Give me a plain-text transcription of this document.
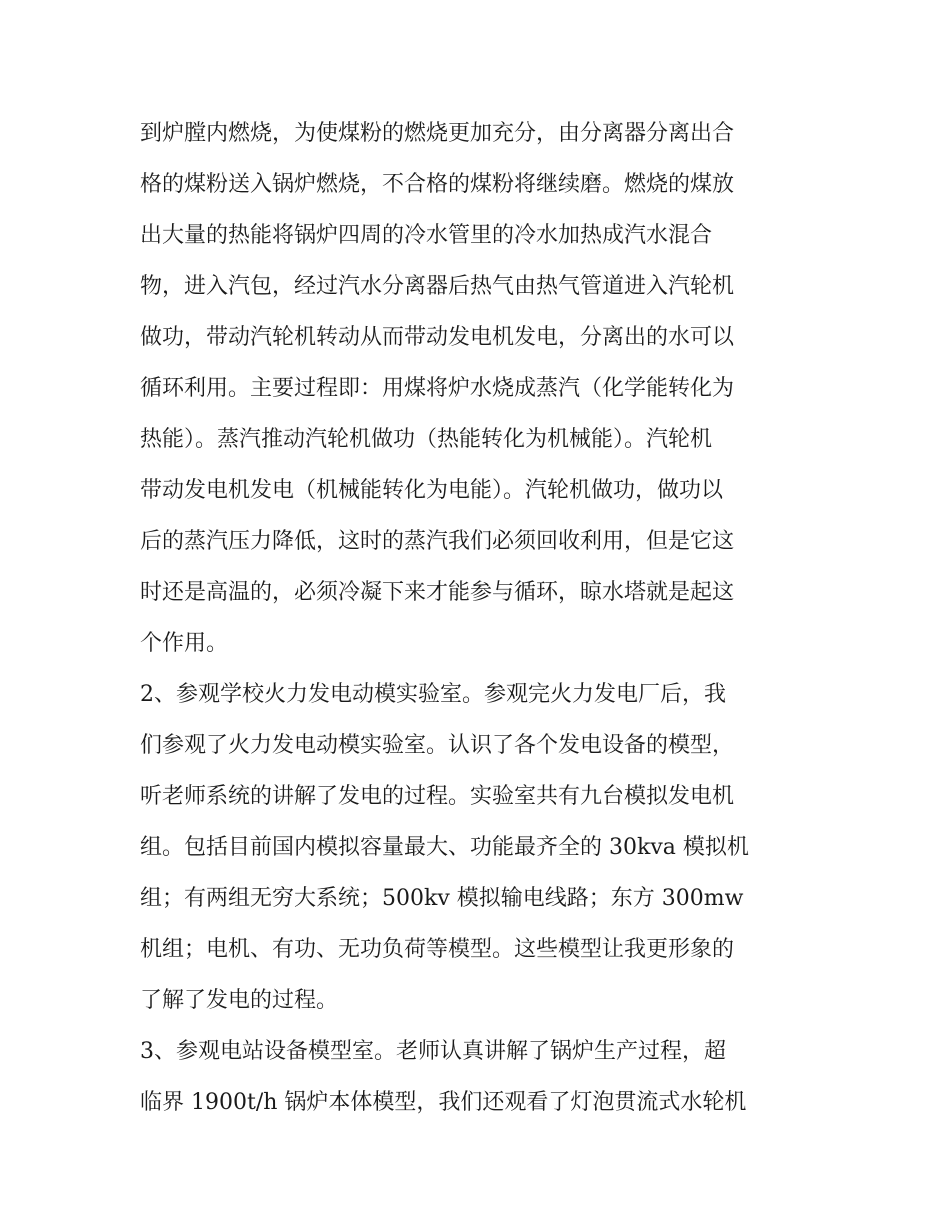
到炉膛内燃烧，为使煤粉的燃烧更加充分，由分离器分离出合
格的煤粉送入锅炉燃烧，不合格的煤粉将继续磨。燃烧的煤放
出大量的热能将锅炉四周的冷水管里的冷水加热成汽水混合
物，进入汽包，经过汽水分离器后热气由热气管道进入汽轮机
做功，带动汽轮机转动从而带动发电机发电，分离出的水可以
循环利用。主要过程即：用煤将炉水烧成蒸汽（化学能转化为
热能）。蒸汽推动汽轮机做功（热能转化为机械能）。汽轮机
带动发电机发电（机械能转化为电能）。汽轮机做功，做功以
后的蒸汽压力降低，这时的蒸汽我们必须回收利用，但是它这
时还是高温的，必须冷凝下来才能参与循环，晾水塔就是起这
个作用。
2、参观学校火力发电动模实验室。参观完火力发电厂后，我
们参观了火力发电动模实验室。认识了各个发电设备的模型，
听老师系统的讲解了发电的过程。实验室共有九台模拟发电机
组。包括目前国内模拟容量最大、功能最齐全的 30kva 模拟机
组；有两组无穷大系统；500kv 模拟输电线路；东方 300mw
机组；电机、有功、无功负荷等模型。这些模型让我更形象的
了解了发电的过程。
3、参观电站设备模型室。老师认真讲解了锅炉生产过程，超
临界 1900t/h 锅炉本体模型，我们还观看了灯泡贯流式水轮机
